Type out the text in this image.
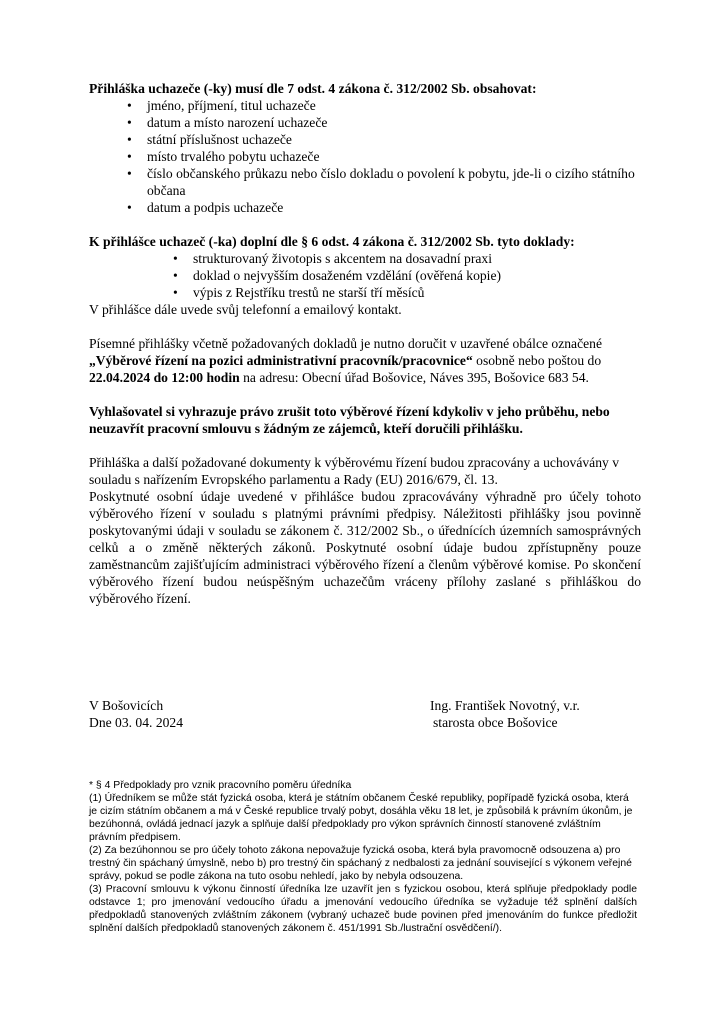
Přihláška uchazeče (-ky) musí dle 7 odst. 4 zákona č. 312/2002 Sb. obsahovat:

• jméno, příjmení, titul uchazeče
• datum a místo narození uchazeče
• státní příslušnost uchazeče
• místo trvalého pobytu uchazeče
• číslo občanského průkazu nebo číslo dokladu o povolení k pobytu, jde-li o cizího státního občana
• datum a podpis uchazeče

K přihlášce uchazeč (-ka) doplní dle § 6 odst. 4 zákona č. 312/2002 Sb. tyto doklady:

• strukturovaný životopis s akcentem na dosavadní praxi
• doklad o nejvyšším dosaženém vzdělání (ověřená kopie)
• výpis z Rejstříku trestů ne starší tří měsíců

V přihlášce dále uvede svůj telefonní a emailový kontakt.

Písemné přihlášky včetně požadovaných dokladů je nutno doručit v uzavřené obálce označené
„Výběrové řízení na pozici administrativní pracovník/pracovnice“ osobně nebo poštou do
22.04.2024 do 12:00 hodin na adresu: Obecní úřad Bošovice, Náves 395, Bošovice 683 54.

Vyhlašovatel si vyhrazuje právo zrušit toto výběrové řízení kdykoliv v jeho průběhu, nebo neuzavřít pracovní smlouvu s žádným ze zájemců, kteří doručili přihlášku.

Přihláška a další požadované dokumenty k výběrovému řízení budou zpracovány a uchovávány v souladu s nařízením Evropského parlamentu a Rady (EU) 2016/679, čl. 13.

Poskytnuté osobní údaje uvedené v přihlášce budou zpracovávány výhradně pro účely tohoto výběrového řízení v souladu s platnými právními předpisy. Náležitosti přihlášky jsou povinně poskytovanými údaji v souladu se zákonem č. 312/2002 Sb., o úřednících územních samosprávných celků a o změně některých zákonů. Poskytnuté osobní údaje budou zpřístupněny pouze zaměstnancům zajišťujícím administraci výběrového řízení a členům výběrové komise. Po skončení výběrového řízení budou neúspěšným uchazečům vráceny přílohy zaslané s přihláškou do výběrového řízení.

V Bošovicích
Dne 03. 04. 2024
Ing. František Novotný, v.r.
starosta obce Bošovice

* § 4 Předpoklady pro vznik pracovního poměru úředníka

(1) Úředníkem se může stát fyzická osoba, která je státním občanem České republiky, popřípadě fyzická osoba, která je cizím státním občanem a má v České republice trvalý pobyt, dosáhla věku 18 let, je způsobilá k právním úkonům, je bezúhonná, ovládá jednací jazyk a splňuje další předpoklady pro výkon správních činností stanovené zvláštním právním předpisem.

(2) Za bezúhonnou se pro účely tohoto zákona nepovažuje fyzická osoba, která byla pravomocně odsouzena a) pro trestný čin spáchaný úmyslně, nebo b) pro trestný čin spáchaný z nedbalosti za jednání související s výkonem veřejné správy, pokud se podle zákona na tuto osobu nehledí, jako by nebyla odsouzena.

(3) Pracovní smlouvu k výkonu činností úředníka lze uzavřít jen s fyzickou osobou, která splňuje předpoklady podle odstavce 1; pro jmenování vedoucího úřadu a jmenování vedoucího úředníka se vyžaduje též splnění dalších předpokladů stanovených zvláštním zákonem (vybraný uchazeč bude povinen před jmenováním do funkce předložit splnění dalších předpokladů stanovených zákonem č. 451/1991 Sb./lustrační osvědčení/).
